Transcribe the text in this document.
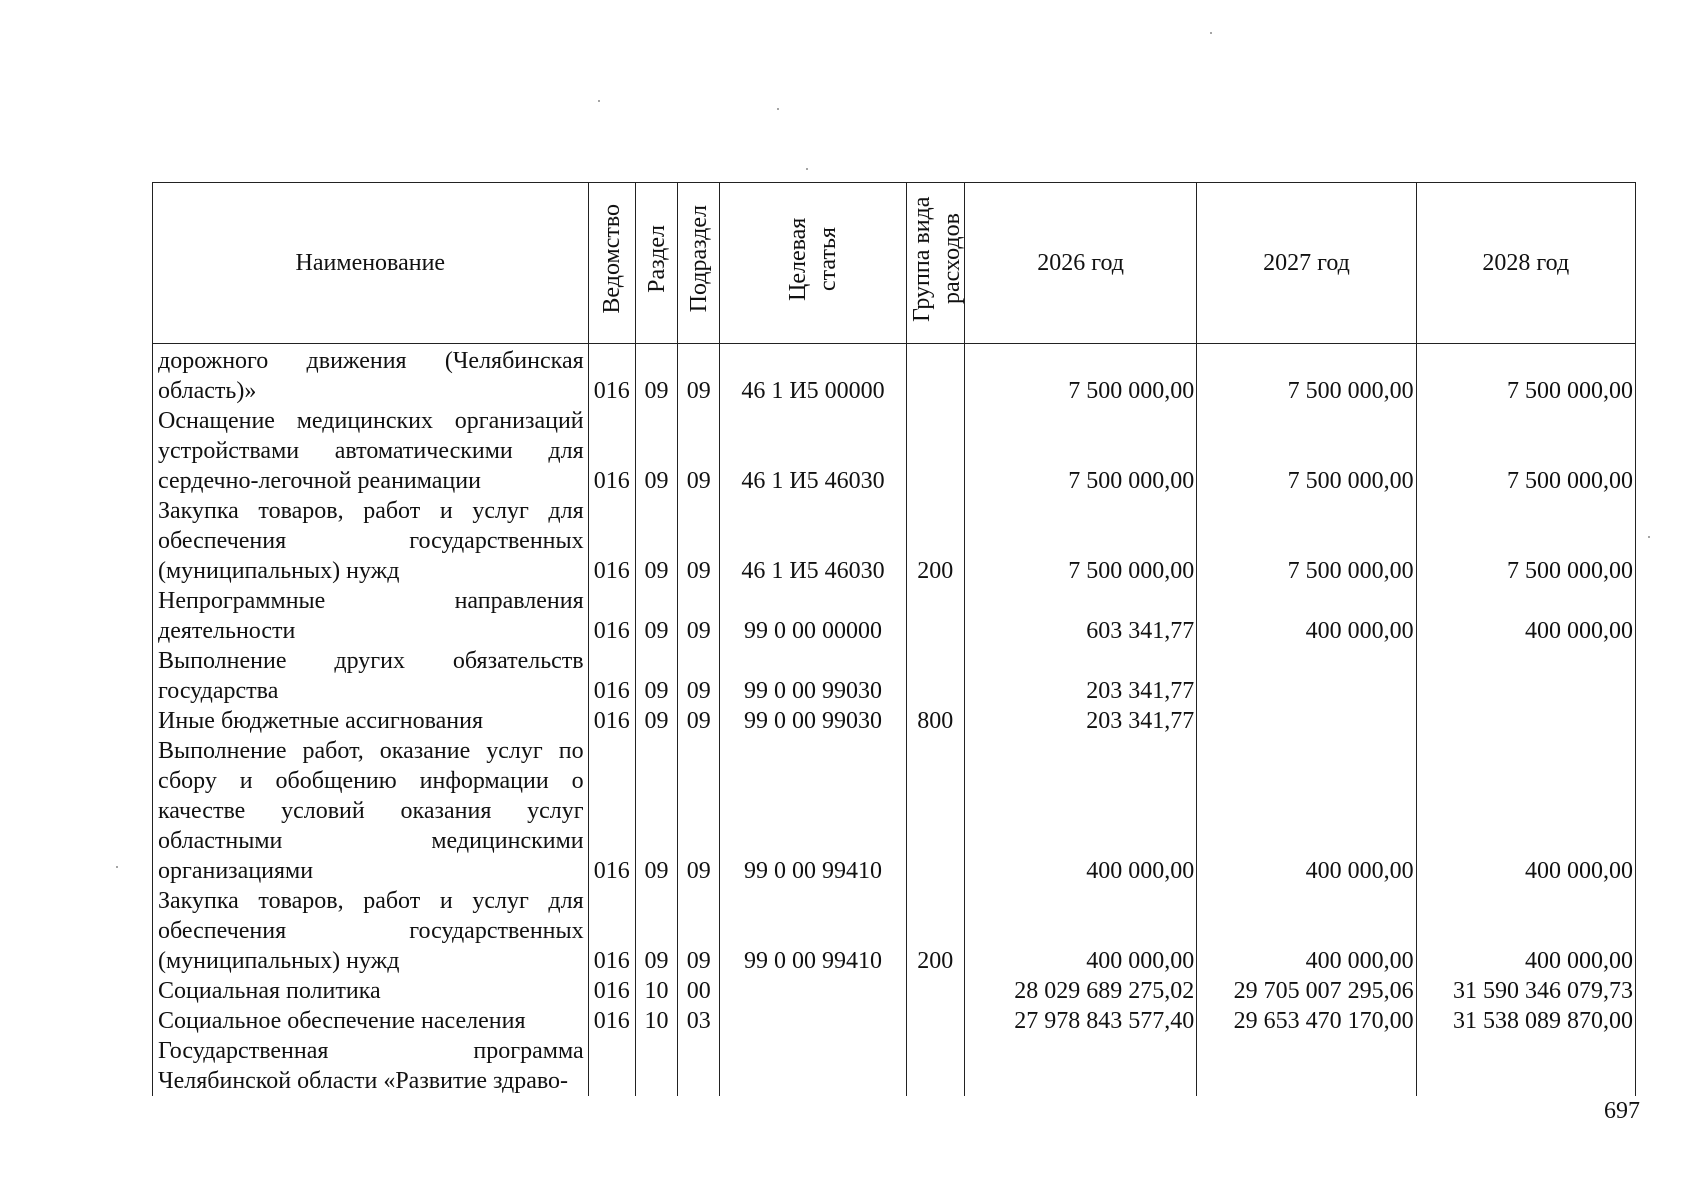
Наименование	Ведомство	Раздел	Подраздел	Целевая статья	Группа вида расходов	2026 год	2027 год	2028 год
дорожного движения (Челябинская область)»	016	09	09	46 1 И5 00000		7 500 000,00	7 500 000,00	7 500 000,00
Оснащение медицинских организаций устройствами автоматическими для сердечно-легочной реанимации	016	09	09	46 1 И5 46030		7 500 000,00	7 500 000,00	7 500 000,00
Закупка товаров, работ и услуг для обеспечения государственных (муниципальных) нужд	016	09	09	46 1 И5 46030	200	7 500 000,00	7 500 000,00	7 500 000,00
Непрограммные направления деятельности	016	09	09	99 0 00 00000		603 341,77	400 000,00	400 000,00
Выполнение других обязательств государства	016	09	09	99 0 00 99030		203 341,77		
Иные бюджетные ассигнования	016	09	09	99 0 00 99030	800	203 341,77		
Выполнение работ, оказание услуг по сбору и обобщению информации о качестве условий оказания услуг областными медицинскими организациями	016	09	09	99 0 00 99410		400 000,00	400 000,00	400 000,00
Закупка товаров, работ и услуг для обеспечения государственных (муниципальных) нужд	016	09	09	99 0 00 99410	200	400 000,00	400 000,00	400 000,00
Социальная политика	016	10	00			28 029 689 275,02	29 705 007 295,06	31 590 346 079,73
Социальное обеспечение населения	016	10	03			27 978 843 577,40	29 653 470 170,00	31 538 089 870,00
Государственная программа Челябинской области «Развитие здраво-								
697
